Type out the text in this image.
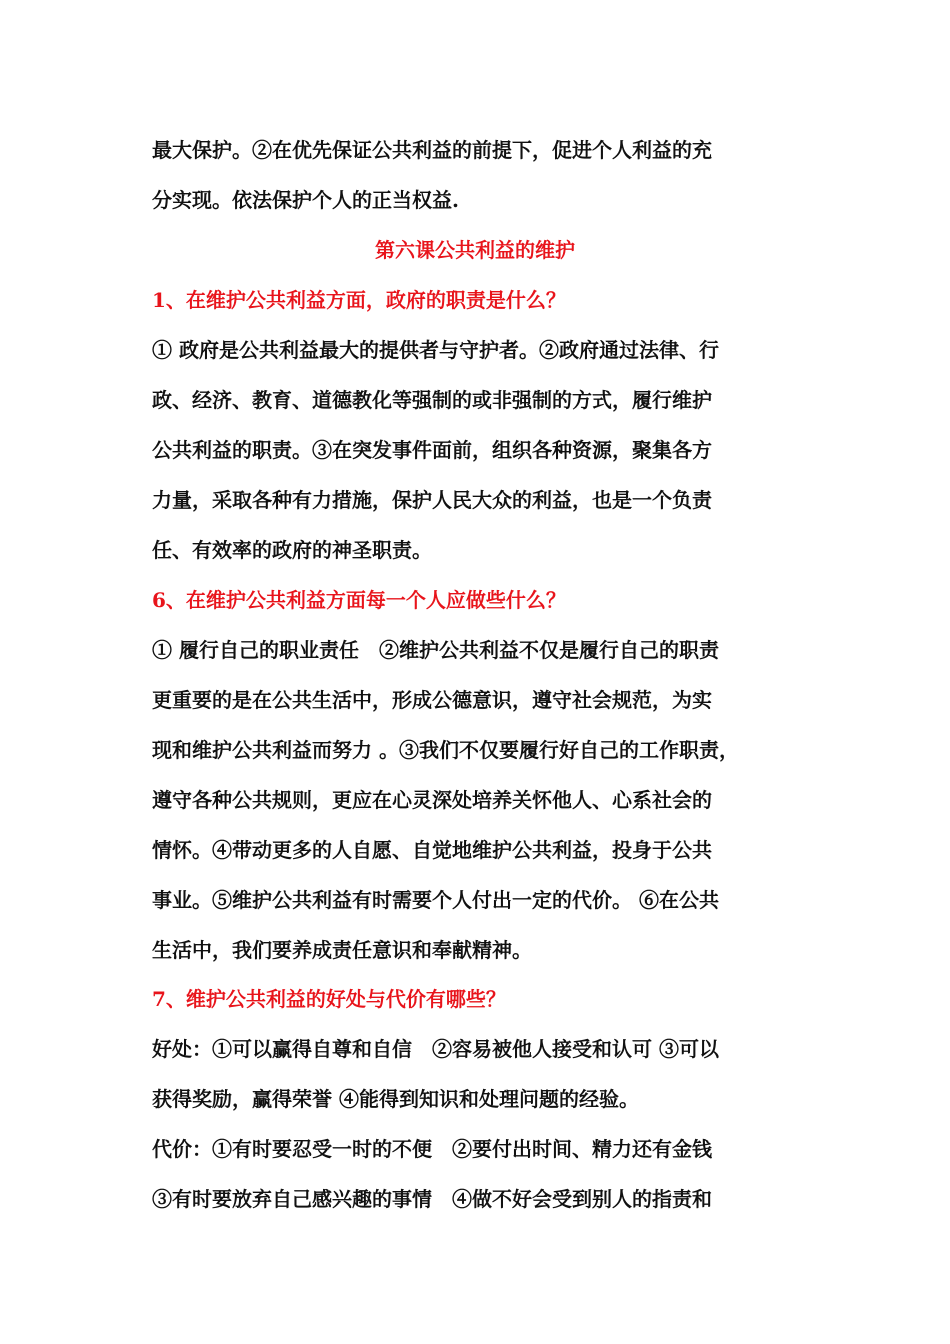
最大保护。②在优先保证公共利益的前提下，促进个人利益的充
分实现。依法保护个人的正当权益.
第六课公共利益的维护
1、在维护公共利益方面，政府的职责是什么？
① 政府是公共利益最大的提供者与守护者。②政府通过法律、行
政、经济、教育、道德教化等强制的或非强制的方式，履行维护
公共利益的职责。③在突发事件面前，组织各种资源，聚集各方
力量，采取各种有力措施，保护人民大众的利益，也是一个负责
任、有效率的政府的神圣职责。
6、在维护公共利益方面每一个人应做些什么？
① 履行自己的职业责任　②维护公共利益不仅是履行自己的职责
更重要的是在公共生活中，形成公德意识，遵守社会规范，为实
现和维护公共利益而努力 。③我们不仅要履行好自己的工作职责，
遵守各种公共规则，更应在心灵深处培养关怀他人、心系社会的
情怀。④带动更多的人自愿、自觉地维护公共利益，投身于公共
事业。⑤维护公共利益有时需要个人付出一定的代价。 ⑥在公共
生活中，我们要养成责任意识和奉献精神。
7、维护公共利益的好处与代价有哪些？
好处：①可以赢得自尊和自信　②容易被他人接受和认可 ③可以
获得奖励，赢得荣誉 ④能得到知识和处理问题的经验。
代价：①有时要忍受一时的不便　②要付出时间、精力还有金钱
③有时要放弃自己感兴趣的事情　④做不好会受到别人的指责和
